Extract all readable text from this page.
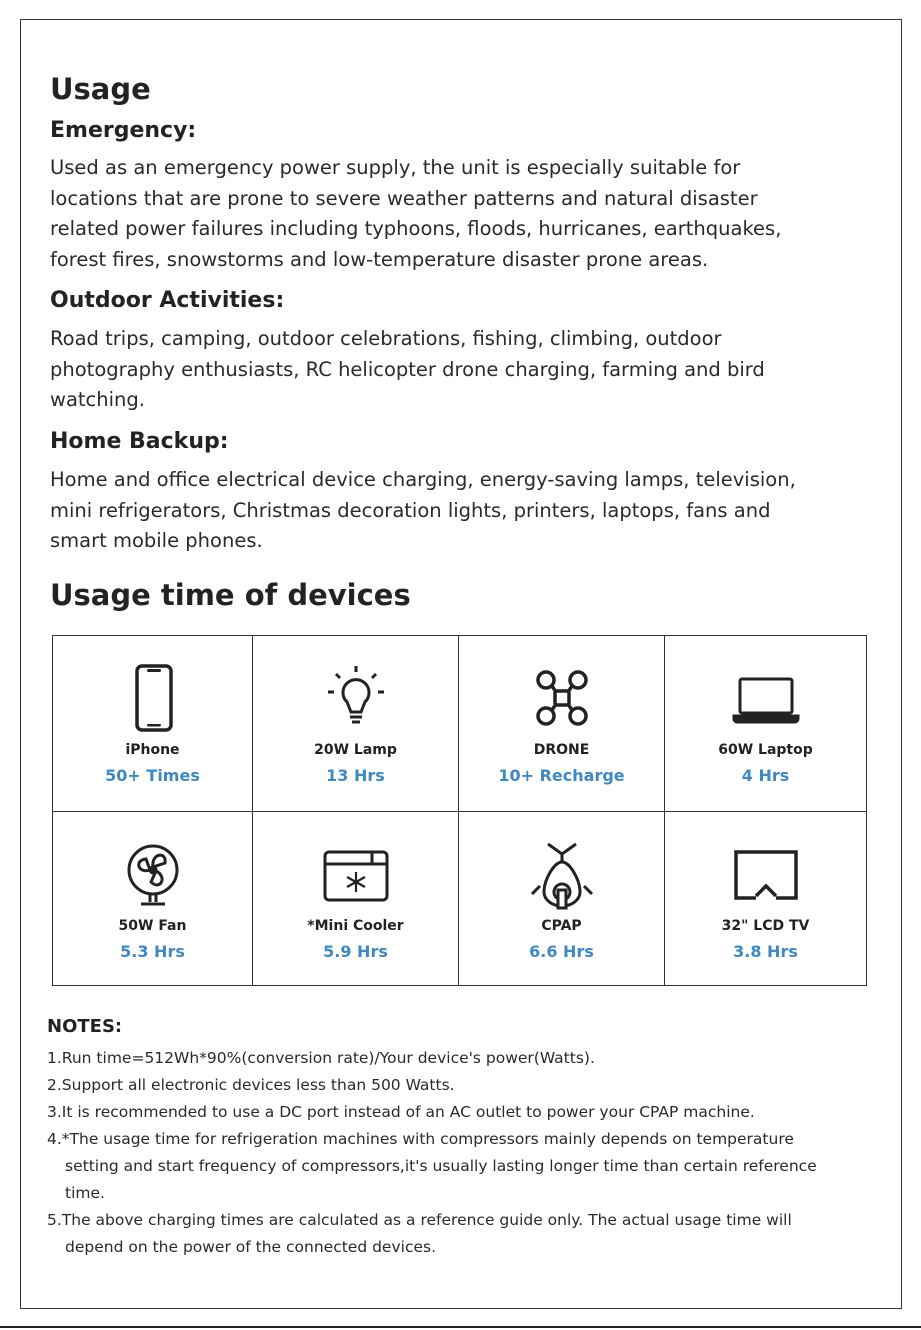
Usage
Emergency:

Used as an emergency power supply, the unit is especially suitable for
locations that are prone to severe weather patterns and natural disaster
related power failures including typhoons, floods, hurricanes, earthquakes,
forest fires, snowstorms and low-temperature disaster prone areas.

Outdoor Activities:

Road trips, camping, outdoor celebrations, fishing, climbing, outdoor
photography enthusiasts, RC helicopter drone charging, farming and bird
watching.

Home Backup:

Home and office electrical device charging, energy-saving lamps, television,
mini refrigerators, Christmas decoration lights, printers, laptops, fans and
smart mobile phones.

Usage time of devices
iPhone
50+ Times
20W Lamp
13 Hrs
DRONE
10+ Recharge
60W Laptop
4 Hrs
50W Fan
5.3 Hrs
*Mini Cooler
5.9 Hrs
CPAP
6.6 Hrs
32" LCD TV
3.8 Hrs
NOTES:
1.Run time=512Wh*90%(conversion rate)/Your device's power(Watts).
2.Support all electronic devices less than 500 Watts.
3.It is recommended to use a DC port instead of an AC outlet to power your CPAP machine.
4.*The usage time for refrigeration machines with compressors mainly depends on temperature
setting and start frequency of compressors,it's usually lasting longer time than certain reference
time.
5.The above charging times are calculated as a reference guide only. The actual usage time will
depend on the power of the connected devices.
